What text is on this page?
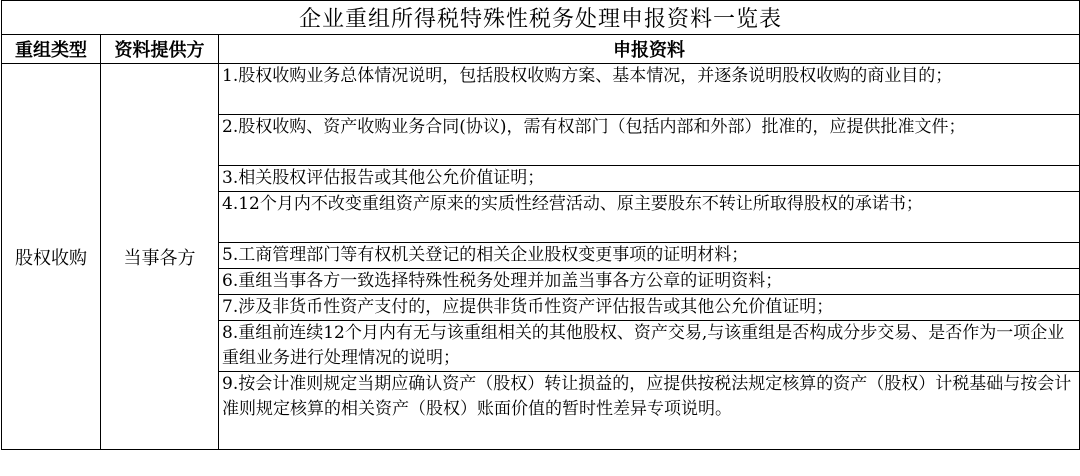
企业重组所得税特殊性税务处理申报资料一览表		
重组类型	资料提供方	申报资料
股权收购	当事各方	1.股权收购业务总体情况说明，包括股权收购方案、基本情况，并逐条说明股权收购的商业目的；
		2.股权收购、资产收购业务合同(协议)，需有权部门（包括内部和外部）批准的，应提供批准文件；
		3.相关股权评估报告或其他公允价值证明；
		4.12个月内不改变重组资产原来的实质性经营活动、原主要股东不转让所取得股权的承诺书；
		5.工商管理部门等有权机关登记的相关企业股权变更事项的证明材料；
		6.重组当事各方一致选择特殊性税务处理并加盖当事各方公章的证明资料；
		7.涉及非货币性资产支付的，应提供非货币性资产评估报告或其他公允价值证明；
		8.重组前连续12个月内有无与该重组相关的其他股权、资产交易,与该重组是否构成分步交易、是否作为一项企业重组业务进行处理情况的说明；
		9.按会计准则规定当期应确认资产（股权）转让损益的，应提供按税法规定核算的资产（股权）计税基础与按会计准则规定核算的相关资产（股权）账面价值的暂时性差异专项说明。
